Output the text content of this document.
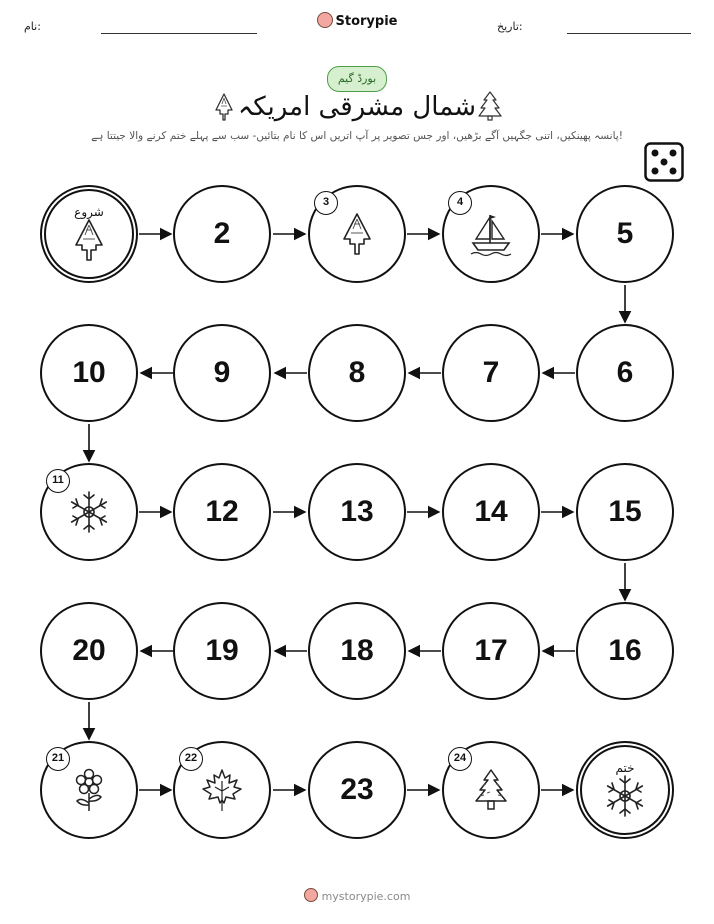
نام:	Storypie	تاریخ:
بورڈ گیم
شمال مشرقی امریکہ
پانسہ پھینکیں، اتنی جگہیں آگے بڑھیں، اور جس تصویر پر آپ اتریں اس کا نام بتائیں- سب سے پہلے ختم کرنے والا جیتتا ہے!
شروع
2
3	4
5
6
7
8
9
10
11
12	13	14	15
16
17
18
19
20
21	22
23
24
ختم
mystorypie.com
